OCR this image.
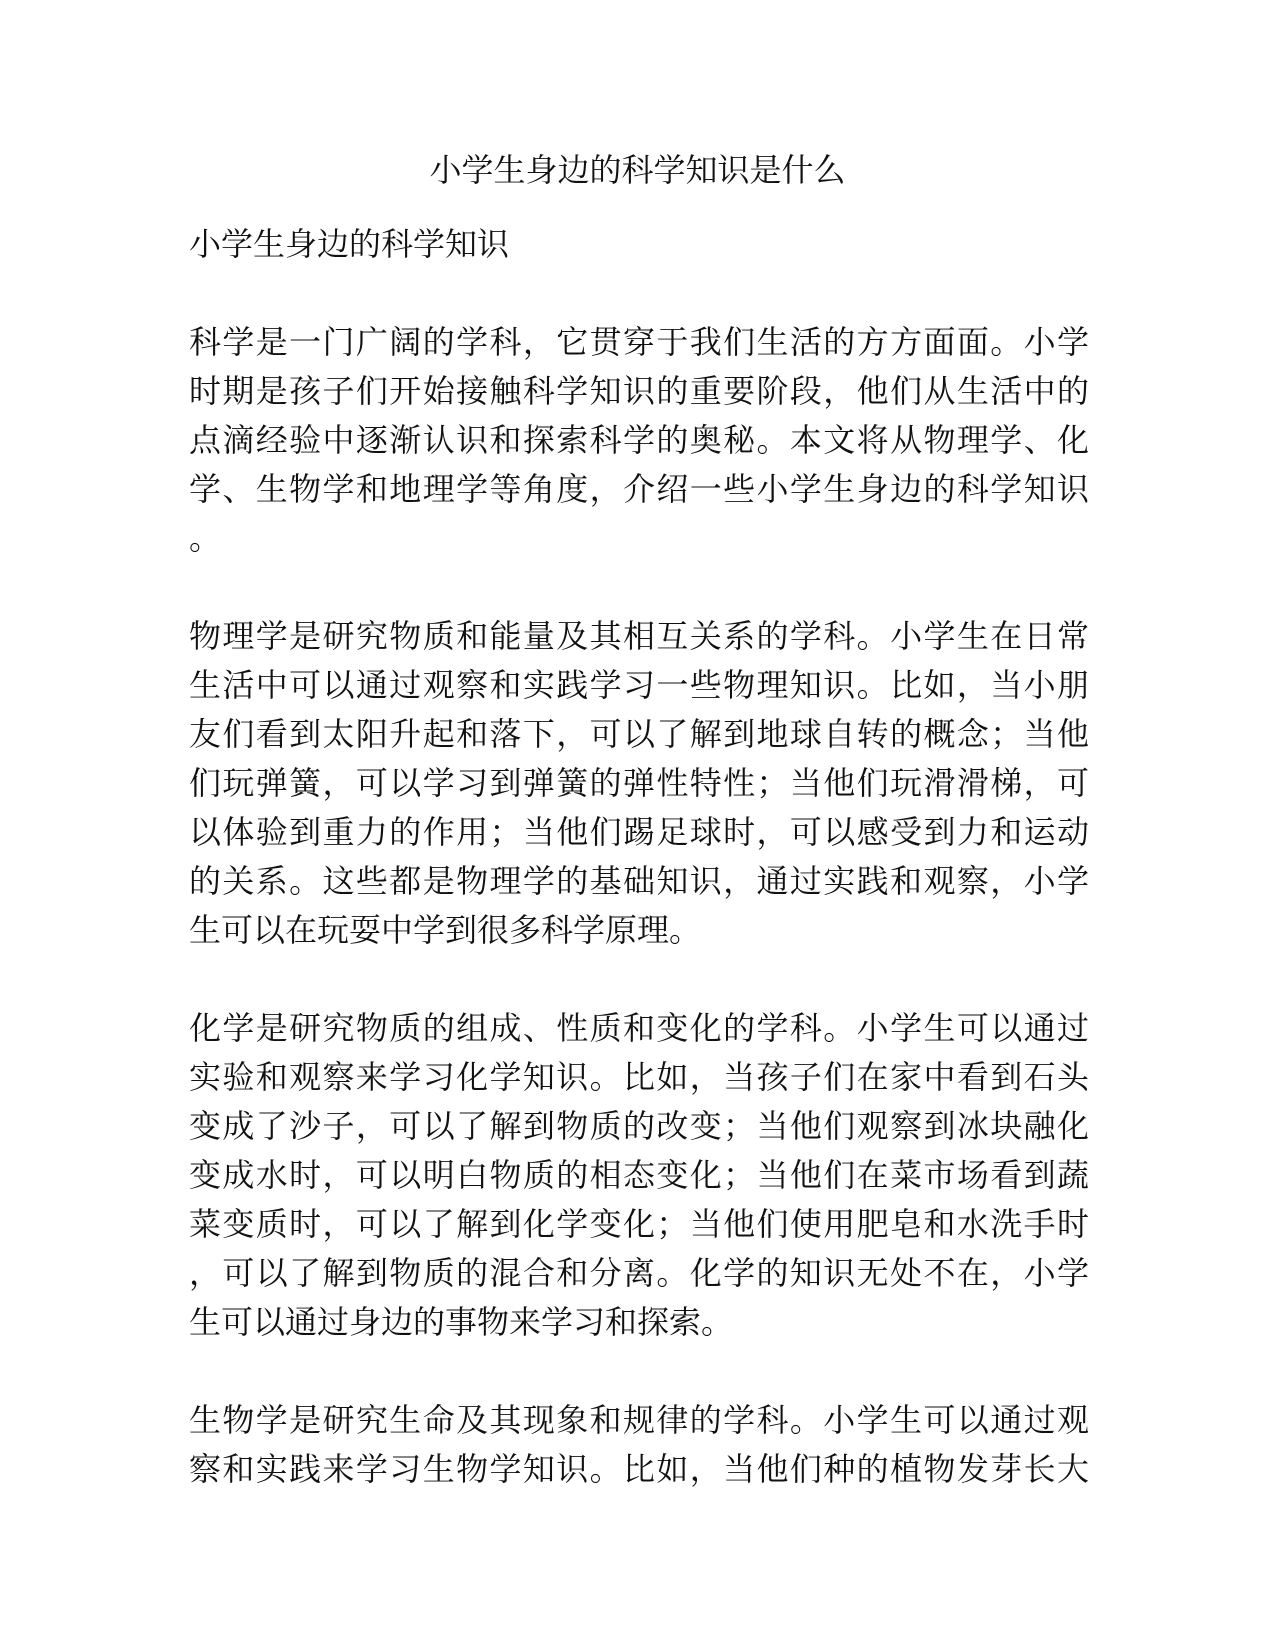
小学生身边的科学知识是什么
小学生身边的科学知识
科学是一门广阔的学科，它贯穿于我们生活的方方面面。小学
时期是孩子们开始接触科学知识的重要阶段，他们从生活中的
点滴经验中逐渐认识和探索科学的奥秘。本文将从物理学、化
学、生物学和地理学等角度，介绍一些小学生身边的科学知识
。
物理学是研究物质和能量及其相互关系的学科。小学生在日常
生活中可以通过观察和实践学习一些物理知识。比如，当小朋
友们看到太阳升起和落下，可以了解到地球自转的概念；当他
们玩弹簧，可以学习到弹簧的弹性特性；当他们玩滑滑梯，可
以体验到重力的作用；当他们踢足球时，可以感受到力和运动
的关系。这些都是物理学的基础知识，通过实践和观察，小学
生可以在玩耍中学到很多科学原理。
化学是研究物质的组成、性质和变化的学科。小学生可以通过
实验和观察来学习化学知识。比如，当孩子们在家中看到石头
变成了沙子，可以了解到物质的改变；当他们观察到冰块融化
变成水时，可以明白物质的相态变化；当他们在菜市场看到蔬
菜变质时，可以了解到化学变化；当他们使用肥皂和水洗手时
，可以了解到物质的混合和分离。化学的知识无处不在，小学
生可以通过身边的事物来学习和探索。
生物学是研究生命及其现象和规律的学科。小学生可以通过观
察和实践来学习生物学知识。比如，当他们种的植物发芽长大
